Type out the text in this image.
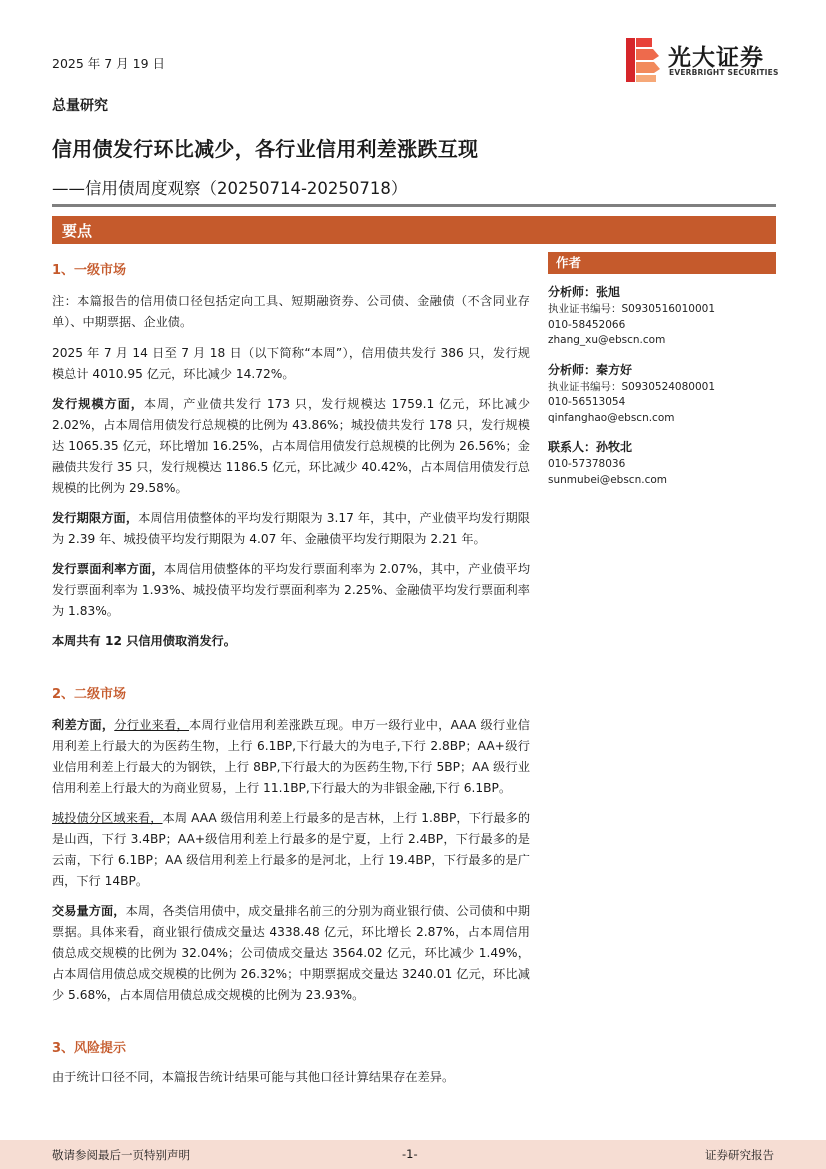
2025 年 7 月 19 日	光大证券
EVERBRIGHT SECURITIES
总量研究
信用债发行环比减少，各行业信用利差涨跌互现
——信用债周度观察（20250714-20250718）
要点
1、一级市场

注：本篇报告的信用债口径包括定向工具、短期融资券、公司债、金融债（不含同业存单）、中期票据、企业债。

2025 年 7 月 14 日至 7 月 18 日（以下简称“本周”），信用债共发行 386 只，发行规模总计 4010.95 亿元，环比减少 14.72%。

发行规模方面，本周，产业债共发行 173 只，发行规模达 1759.1 亿元，环比减少 2.02%，占本周信用债发行总规模的比例为 43.86%；城投债共发行 178 只，发行规模达 1065.35 亿元，环比增加 16.25%，占本周信用债发行总规模的比例为 26.56%；金融债共发行 35 只，发行规模达 1186.5 亿元，环比减少 40.42%，占本周信用债发行总规模的比例为 29.58%。

发行期限方面，本周信用债整体的平均发行期限为 3.17 年，其中，产业债平均发行期限为 2.39 年、城投债平均发行期限为 4.07 年、金融债平均发行期限为 2.21 年。

发行票面利率方面，本周信用债整体的平均发行票面利率为 2.07%，其中，产业债平均发行票面利率为 1.93%、城投债平均发行票面利率为 2.25%、金融债平均发行票面利率为 1.83%。

本周共有 12 只信用债取消发行。

2、二级市场

利差方面，分行业来看，本周行业信用利差涨跌互现。申万一级行业中，AAA 级行业信用利差上行最大的为医药生物，上行 6.1BP,下行最大的为电子,下行 2.8BP；AA+级行业信用利差上行最大的为钢铁，上行 8BP,下行最大的为医药生物,下行 5BP；AA 级行业信用利差上行最大的为商业贸易，上行 11.1BP,下行最大的为非银金融,下行 6.1BP。

城投债分区域来看，本周 AAA 级信用利差上行最多的是吉林，上行 1.8BP，下行最多的是山西，下行 3.4BP；AA+级信用利差上行最多的是宁夏，上行 2.4BP，下行最多的是云南，下行 6.1BP；AA 级信用利差上行最多的是河北，上行 19.4BP，下行最多的是广西，下行 14BP。

交易量方面，本周，各类信用债中，成交量排名前三的分别为商业银行债、公司债和中期票据。具体来看，商业银行债成交量达 4338.48 亿元，环比增长 2.87%，占本周信用债总成交规模的比例为 32.04%；公司债成交量达 3564.02 亿元，环比减少 1.49%，占本周信用债总成交规模的比例为 26.32%；中期票据成交量达 3240.01 亿元，环比减少 5.68%，占本周信用债总成交规模的比例为 23.93%。

3、风险提示

由于统计口径不同，本篇报告统计结果可能与其他口径计算结果存在差异。

作者
分析师：张旭
执业证书编号：S0930516010001
010-58452066
zhang_xu@ebscn.com
分析师：秦方好
执业证书编号：S0930524080001
010-56513054
qinfanghao@ebscn.com
联系人：孙牧北
010-57378036
sunmubei@ebscn.com
敬请参阅最后一页特别声明	-1-	证券研究报告
